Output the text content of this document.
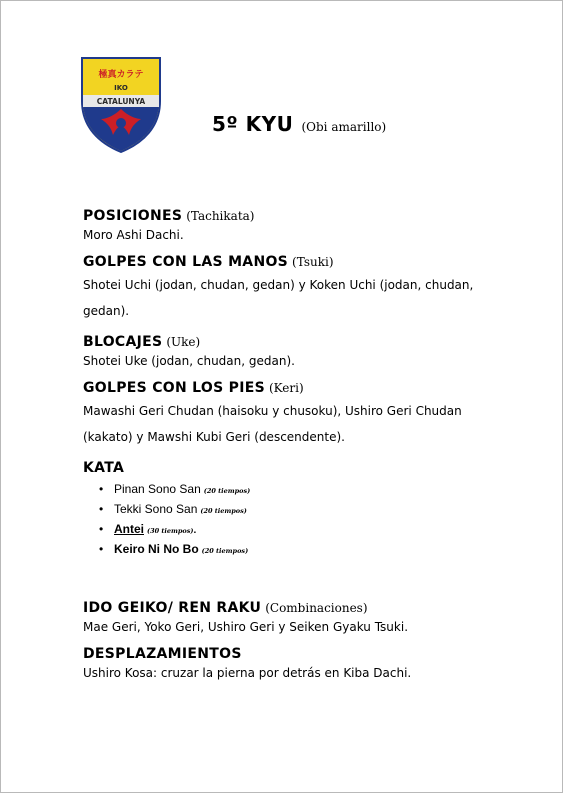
極真カラテ
IKO
CATALUNYA
5º KYU (Obi amarillo)
POSICIONES (Tachikata)
Moro Ashi Dachi.
GOLPES CON LAS MANOS (Tsuki)
Shotei Uchi (jodan, chudan, gedan) y Koken Uchi (jodan, chudan,
gedan).
BLOCAJES (Uke)
Shotei Uke (jodan, chudan, gedan).
GOLPES CON LOS PIES (Keri)
Mawashi Geri Chudan (haisoku y chusoku), Ushiro Geri Chudan
(kakato) y Mawshi Kubi Geri (descendente).
KATA
• Pinan Sono San (20 tiempos)
• Tekki Sono San (20 tiempos)
• Antei (30 tiempos).
• Keiro Ni No Bo (20 tiempos)
IDO GEIKO/ REN RAKU (Combinaciones)
Mae Geri, Yoko Geri, Ushiro Geri y Seiken Gyaku Tsuki.
DESPLAZAMIENTOS
Ushiro Kosa: cruzar la pierna por detrás en Kiba Dachi.
